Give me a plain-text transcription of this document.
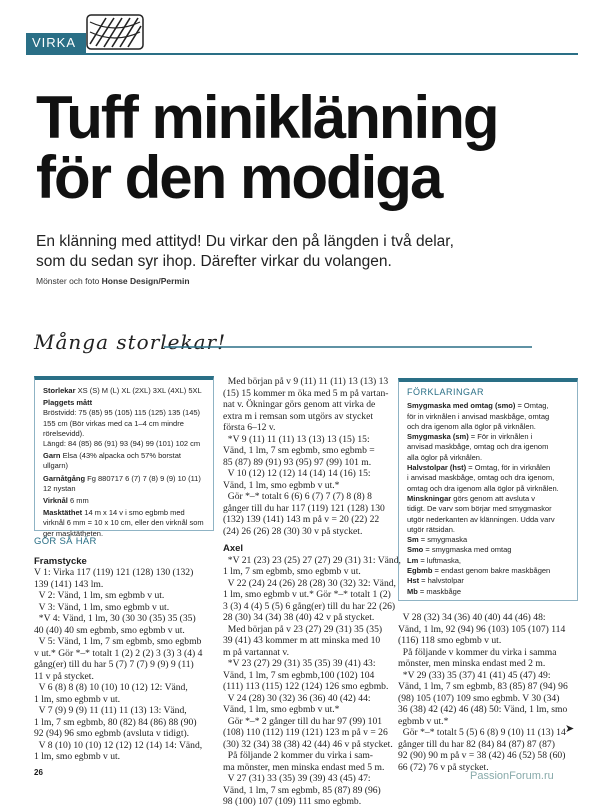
VIRKA
Tuff miniklänning
för den modiga
En klänning med attityd! Du virkar den på längden i två delar,
som du sedan syr ihop. Därefter virkar du volangen.
Mönster och foto Honse Design/Permin
Många storlekar!

Storlekar XS (S) M (L) XL (2XL) 3XL (4XL) 5XL

Plaggets mått
Bröstvidd: 75 (85) 95 (105) 115 (125) 135 (145) 155 cm (Bör virkas med ca 1–4 cm mindre rörelsevidd).
Längd: 84 (85) 86 (91) 93 (94) 99 (101) 102 cm

Garn Elsa (43% alpacka och 57% borstat ullgarn)

Garnåtgång Fg 880717 6 (7) 7 (8) 9 (9) 10 (11) 12 nystan

Virknål 6 mm

Masktäthet 14 m x 14 v i smo egbmb med virknål 6 mm = 10 x 10 cm, eller den virknål som ger masktätheten.

GÖR SÅ HÄR
Framstycke

V 1: Virka 117 (119) 121 (128) 130 (132)

139 (141) 143 lm.

V 2: Vänd, 1 lm, sm egbmb v ut.

V 3: Vänd, 1 lm, smo egbmb v ut.

*V 4: Vänd, 1 lm, 30 (30 30 (35) 35 (35)

40 (40) 40 sm egbmb, smo egbmb v ut.

V 5: Vänd, 1 lm, 7 sm egbmb, smo egbmb

v ut.* Gör *–* totalt 1 (2) 2 (2) 3 (3) 3 (4) 4

gång(er) till du har 5 (7) 7 (7) 9 (9) 9 (11)

11 v på stycket.

V 6 (8) 8 (8) 10 (10) 10 (12) 12: Vänd,

1 lm, smo egbmb v ut.

V 7 (9) 9 (9) 11 (11) 11 (13) 13: Vänd,

1 lm, 7 sm egbmb, 80 (82) 84 (86) 88 (90)

92 (94) 96 smo egbmb (avsluta v tidigt).

V 8 (10) 10 (10) 12 (12) 12 (14) 14: Vänd,

1 lm, smo egbmb v ut.

Med början på v 9 (11) 11 (11) 13 (13) 13

(15) 15 kommer m öka med 5 m på vartan-

nat v. Ökningar görs genom att virka de

extra m i remsan som utgörs av stycket

första 6–12 v.

*V 9 (11) 11 (11) 13 (13) 13 (15) 15:

Vänd, 1 lm, 7 sm egbmb, smo egbmb =

85 (87) 89 (91) 93 (95) 97 (99) 101 m.

V 10 (12) 12 (12) 14 (14) 14 (16) 15:

Vänd, 1 lm, smo egbmb v ut.*

Gör *–* totalt 6 (6) 6 (7) 7 (7) 8 (8) 8

gånger till du har 117 (119) 121 (128) 130

(132) 139 (141) 143 m på v = 20 (22) 22

(24) 26 (26) 28 (30) 30 v på stycket.

Axel

*V 21 (23) 23 (25) 27 (27) 29 (31) 31: Vänd,

1 lm, 7 sm egbmb, smo egbmb v ut.

V 22 (24) 24 (26) 28 (28) 30 (32) 32: Vänd,

1 lm, smo egbmb v ut.* Gör *–* totalt 1 (2)

3 (3) 4 (4) 5 (5) 6 gång(er) till du har 22 (26)

28 (30) 34 (34) 38 (40) 42 v på stycket.

Med början på v 23 (27) 29 (31) 35 (35)

39 (41) 43 kommer m att minska med 10

m på vartannat v.

*V 23 (27) 29 (31) 35 (35) 39 (41) 43:

Vänd, 1 lm, 7 sm egbmb,100 (102) 104

(111) 113 (115) 122 (124) 126 smo egbmb.

V 24 (28) 30 (32) 36 (36) 40 (42) 44:

Vänd, 1 lm, smo egbmb v ut.*

Gör *–* 2 gånger till du har 97 (99) 101

(108) 110 (112) 119 (121) 123 m på v = 26

(30) 32 (34) 38 (38) 42 (44) 46 v på stycket.

På följande 2 kommer du virka i sam-

ma mönster, men minska endast med 5 m.

V 27 (31) 33 (35) 39 (39) 43 (45) 47:

Vänd, 1 lm, 7 sm egbmb, 85 (87) 89 (96)

98 (100) 107 (109) 111 smo egbmb.

FÖRKLARINGAR

Smygmaska med omtag (smo) = Omtag,

för in virknålen i anvisad maskbåge, omtag

och dra igenom alla öglor på virknålen.

Smygmaska (sm) = För in virknålen i

anvisad maskbåge, omtag och dra igenom

alla öglor på virknålen.

Halvstolpar (hst) = Omtag, för in virknålen

i anvisad maskbåge, omtag och dra igenom,

omtag och dra igenom alla öglor på virknålen.

Minskningar görs genom att avsluta v

tidigt. De varv som börjar med smygmaskor

utgör nederkanten av klänningen. Udda varv

utgör rätsidan.

Sm = smygmaska

Smo = smygmaska med omtag

Lm = luftmaska,

Egbmb = endast genom bakre maskbågen

Hst = halvstolpar

Mb = maskbåge

V 28 (32) 34 (36) 40 (40) 44 (46) 48:

Vänd, 1 lm, 92 (94) 96 (103) 105 (107) 114

(116) 118 smo egbmb v ut.

På följande v kommer du virka i samma

mönster, men minska endast med 2 m.

*V 29 (33) 35 (37) 41 (41) 45 (47) 49:

Vänd, 1 lm, 7 sm egbmb, 83 (85) 87 (94) 96

(98) 105 (107) 109 smo egbmb. V 30 (34)

36 (38) 42 (42) 46 (48) 50: Vänd, 1 lm, smo

egbmb v ut.*

Gör *–* totalt 5 (5) 6 (8) 9 (10) 11 (13) 14

gånger till du har 82 (84) 84 (87) 87 (87)

92 (90) 90 m på v = 38 (42) 46 (52) 58 (60)

66 (72) 76 v på stycket.

➤
26	PassionForum.ru
